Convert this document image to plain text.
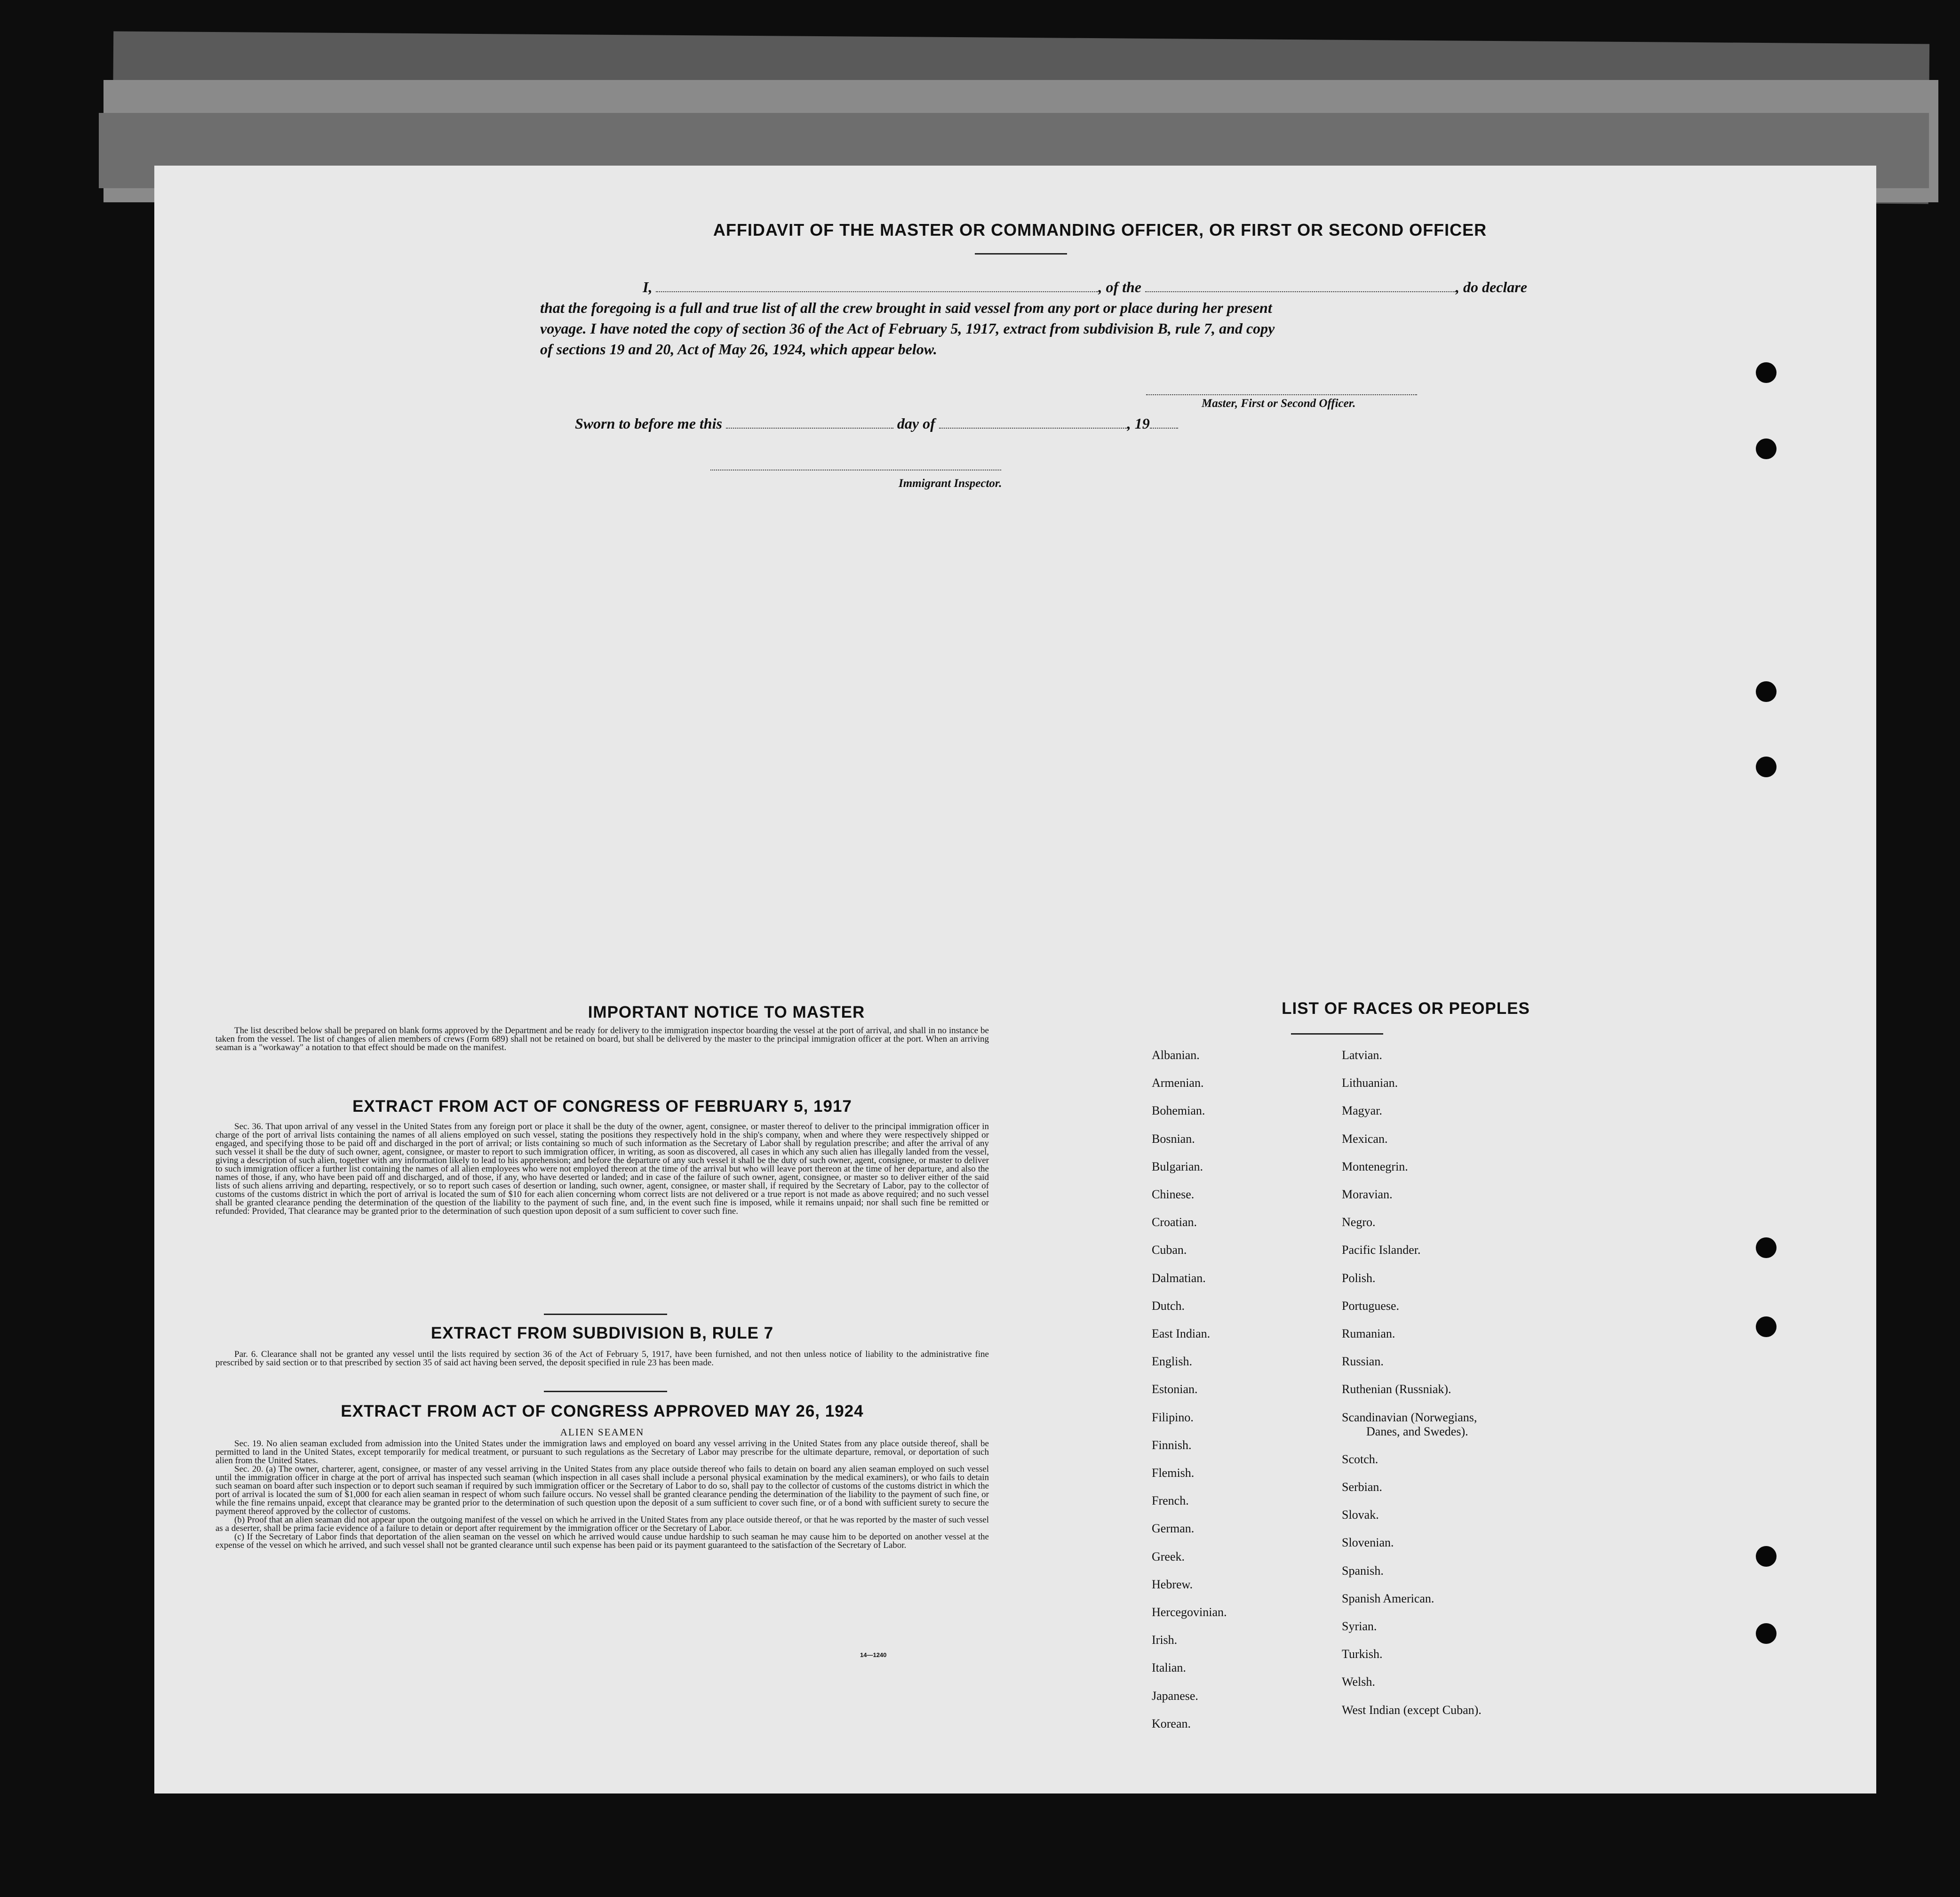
AFFIDAVIT OF THE MASTER OR COMMANDING OFFICER, OR FIRST OR SECOND OFFICER
I,	, of the	, do declare
that the foregoing is a full and true list of all the crew brought in said vessel from any port or place during her present
voyage. I have noted the copy of section 36 of the Act of February 5, 1917, extract from subdivision B, rule 7, and copy
of sections 19 and 20, Act of May 26, 1924, which appear below.
Master, First or Second Officer.
Sworn to before me this	day of	, 19
Immigrant Inspector.
IMPORTANT NOTICE TO MASTER

The list described below shall be prepared on blank forms approved by the Department and be ready for delivery to the immigration inspector boarding the vessel at the port of arrival, and shall in no instance be taken from the vessel. The list of changes of alien members of crews (Form 689) shall not be retained on board, but shall be delivered by the master to the principal immigration officer at the port. When an arriving seaman is a "workaway" a notation to that effect should be made on the manifest.

EXTRACT FROM ACT OF CONGRESS OF FEBRUARY 5, 1917

Sec. 36. That upon arrival of any vessel in the United States from any foreign port or place it shall be the duty of the owner, agent, consignee, or master thereof to deliver to the principal immigration officer in charge of the port of arrival lists containing the names of all aliens employed on such vessel, stating the positions they respectively hold in the ship's company, when and where they were respectively shipped or engaged, and specifying those to be paid off and discharged in the port of arrival; or lists containing so much of such information as the Secretary of Labor shall by regulation prescribe; and after the arrival of any such vessel it shall be the duty of such owner, agent, consignee, or master to report to such immigration officer, in writing, as soon as discovered, all cases in which any such alien has illegally landed from the vessel, giving a description of such alien, together with any information likely to lead to his apprehension; and before the departure of any such vessel it shall be the duty of such owner, agent, consignee, or master to deliver to such immigration officer a further list containing the names of all alien employees who were not employed thereon at the time of the arrival but who will leave port thereon at the time of her departure, and also the names of those, if any, who have been paid off and discharged, and of those, if any, who have deserted or landed; and in case of the failure of such owner, agent, consignee, or master so to deliver either of the said lists of such aliens arriving and departing, respectively, or so to report such cases of desertion or landing, such owner, agent, consignee, or master shall, if required by the Secretary of Labor, pay to the collector of customs of the customs district in which the port of arrival is located the sum of $10 for each alien concerning whom correct lists are not delivered or a true report is not made as above required; and no such vessel shall be granted clearance pending the determination of the question of the liability to the payment of such fine, and, in the event such fine is imposed, while it remains unpaid; nor shall such fine be remitted or refunded: Provided, That clearance may be granted prior to the determination of such question upon deposit of a sum sufficient to cover such fine.

EXTRACT FROM SUBDIVISION B, RULE 7

Par. 6. Clearance shall not be granted any vessel until the lists required by section 36 of the Act of February 5, 1917, have been furnished, and not then unless notice of liability to the administrative fine prescribed by said section or to that prescribed by section 35 of said act having been served, the deposit specified in rule 23 has been made.

EXTRACT FROM ACT OF CONGRESS APPROVED MAY 26, 1924
ALIEN SEAMEN

Sec. 19. No alien seaman excluded from admission into the United States under the immigration laws and employed on board any vessel arriving in the United States from any place outside thereof, shall be permitted to land in the United States, except temporarily for medical treatment, or pursuant to such regulations as the Secretary of Labor may prescribe for the ultimate departure, removal, or deportation of such alien from the United States.

Sec. 20. (a) The owner, charterer, agent, consignee, or master of any vessel arriving in the United States from any place outside thereof who fails to detain on board any alien seaman employed on such vessel until the immigration officer in charge at the port of arrival has inspected such seaman (which inspection in all cases shall include a personal physical examination by the medical examiners), or who fails to detain such seaman on board after such inspection or to deport such seaman if required by such immigration officer or the Secretary of Labor to do so, shall pay to the collector of customs of the customs district in which the port of arrival is located the sum of $1,000 for each alien seaman in respect of whom such failure occurs. No vessel shall be granted clearance pending the determination of the liability to the payment of such fine, or while the fine remains unpaid, except that clearance may be granted prior to the determination of such question upon the deposit of a sum sufficient to cover such fine, or of a bond with sufficient surety to secure the payment thereof approved by the collector of customs.

(b) Proof that an alien seaman did not appear upon the outgoing manifest of the vessel on which he arrived in the United States from any place outside thereof, or that he was reported by the master of such vessel as a deserter, shall be prima facie evidence of a failure to detain or deport after requirement by the immigration officer or the Secretary of Labor.

(c) If the Secretary of Labor finds that deportation of the alien seaman on the vessel on which he arrived would cause undue hardship to such seaman he may cause him to be deported on another vessel at the expense of the vessel on which he arrived, and such vessel shall not be granted clearance until such expense has been paid or its payment guaranteed to the satisfaction of the Secretary of Labor.

14—1240
LIST OF RACES OR PEOPLES
Albanian.
Armenian.
Bohemian.
Bosnian.
Bulgarian.
Chinese.
Croatian.
Cuban.
Dalmatian.
Dutch.
East Indian.
English.
Estonian.
Filipino.
Finnish.
Flemish.
French.
German.
Greek.
Hebrew.
Hercegovinian.
Irish.
Italian.
Japanese.
Korean.
Latvian.
Lithuanian.
Magyar.
Mexican.
Montenegrin.
Moravian.
Negro.
Pacific Islander.
Polish.
Portuguese.
Rumanian.
Russian.
Ruthenian (Russniak).
Scandinavian (Norwegians,
Danes, and Swedes).
Scotch.
Serbian.
Slovak.
Slovenian.
Spanish.
Spanish American.
Syrian.
Turkish.
Welsh.
West Indian (except Cuban).
